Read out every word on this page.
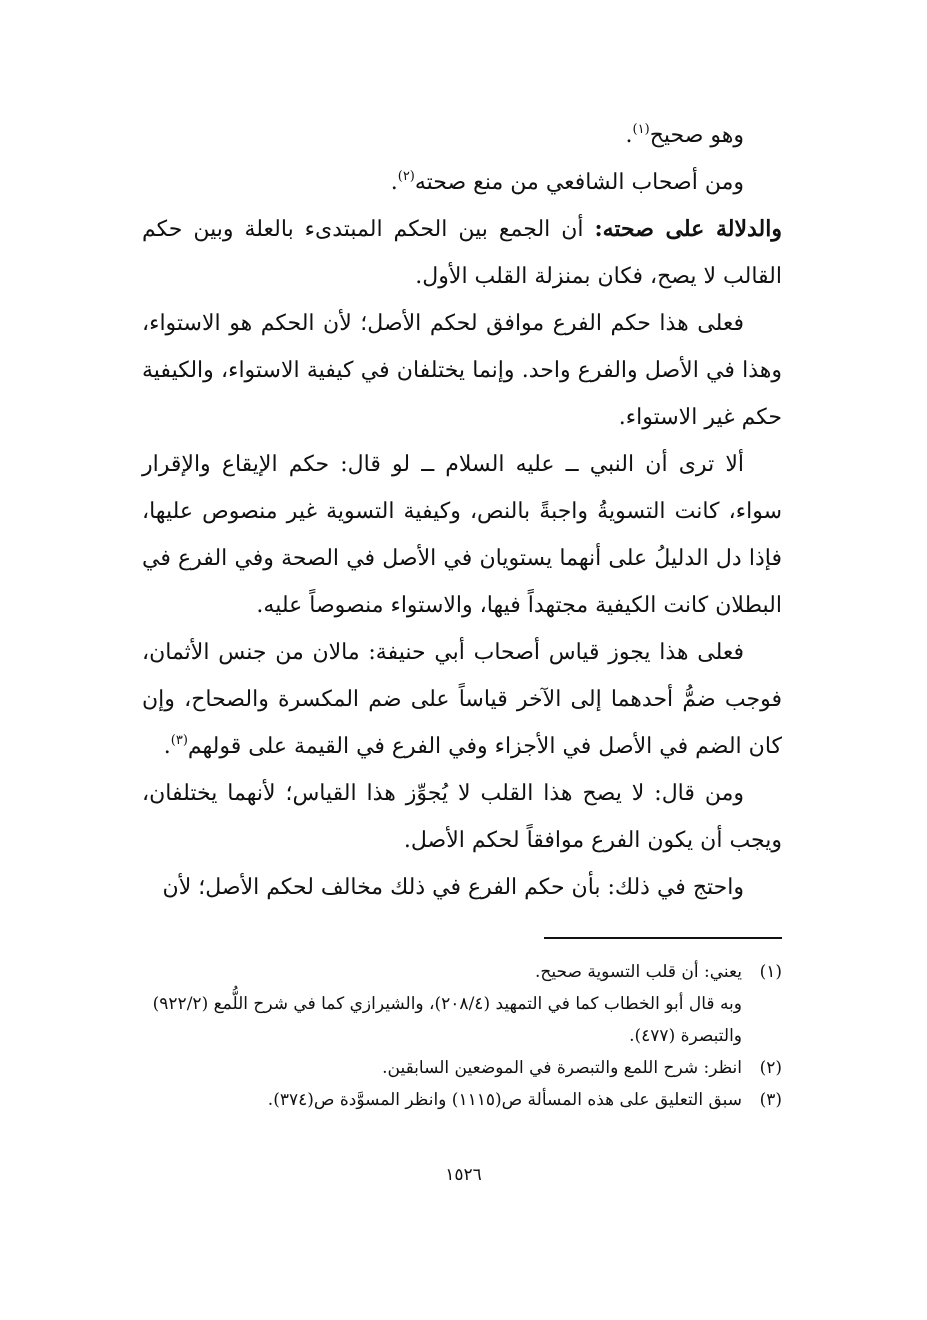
وهو صحيح$^{(١)}$.

ومن أصحاب الشافعي من منع صحته$^{(٢)}$.

والدلالة على صحته: أن الجمع بين الحكم المبتدىء بالعلة وبين حكم القالب لا يصح، فكان بمنزلة القلب الأول.

فعلى هذا حكم الفرع موافق لحكم الأصل؛ لأن الحكم هو الاستواء، وهذا في الأصل والفرع واحد. وإنما يختلفان في كيفية الاستواء، والكيفية حكم غير الاستواء.

ألا ترى أن النبي ــ عليه السلام ــ لو قال: حكم الإيقاع والإقرار سواء، كانت التسويةُ واجبةً بالنص، وكيفية التسوية غير منصوص عليها، فإذا دل الدليلُ على أنهما يستويان في الأصل في الصحة وفي الفرع في البطلان كانت الكيفية مجتهداً فيها، والاستواء منصوصاً عليه.

فعلى هذا يجوز قياس أصحاب أبي حنيفة: مالان من جنس الأثمان، فوجب ضمُّ أحدهما إلى الآخر قياساً على ضم المكسرة والصحاح، وإن كان الضم في الأصل في الأجزاء وفي الفرع في القيمة على قولهم$^{(٣)}$.

ومن قال: لا يصح هذا القلب لا يُجوِّز هذا القياس؛ لأنهما يختلفان، ويجب أن يكون الفرع موافقاً لحكم الأصل.

واحتج في ذلك: بأن حكم الفرع في ذلك مخالف لحكم الأصل؛ لأن

(١)
يعني: أن قلب التسوية صحيح.

وبه قال أبو الخطاب كما في التمهيد (٢٠٨/٤)، والشيرازي كما في شرح اللُّمع (٩٢٢/٢) والتبصرة (٤٧٧).

(٢)
انظر: شرح اللمع والتبصرة في الموضعين السابقين.
(٣)
سبق التعليق على هذه المسألة ص(١١١٥) وانظر المسوَّدة ص(٣٧٤).
١٥٢٦
